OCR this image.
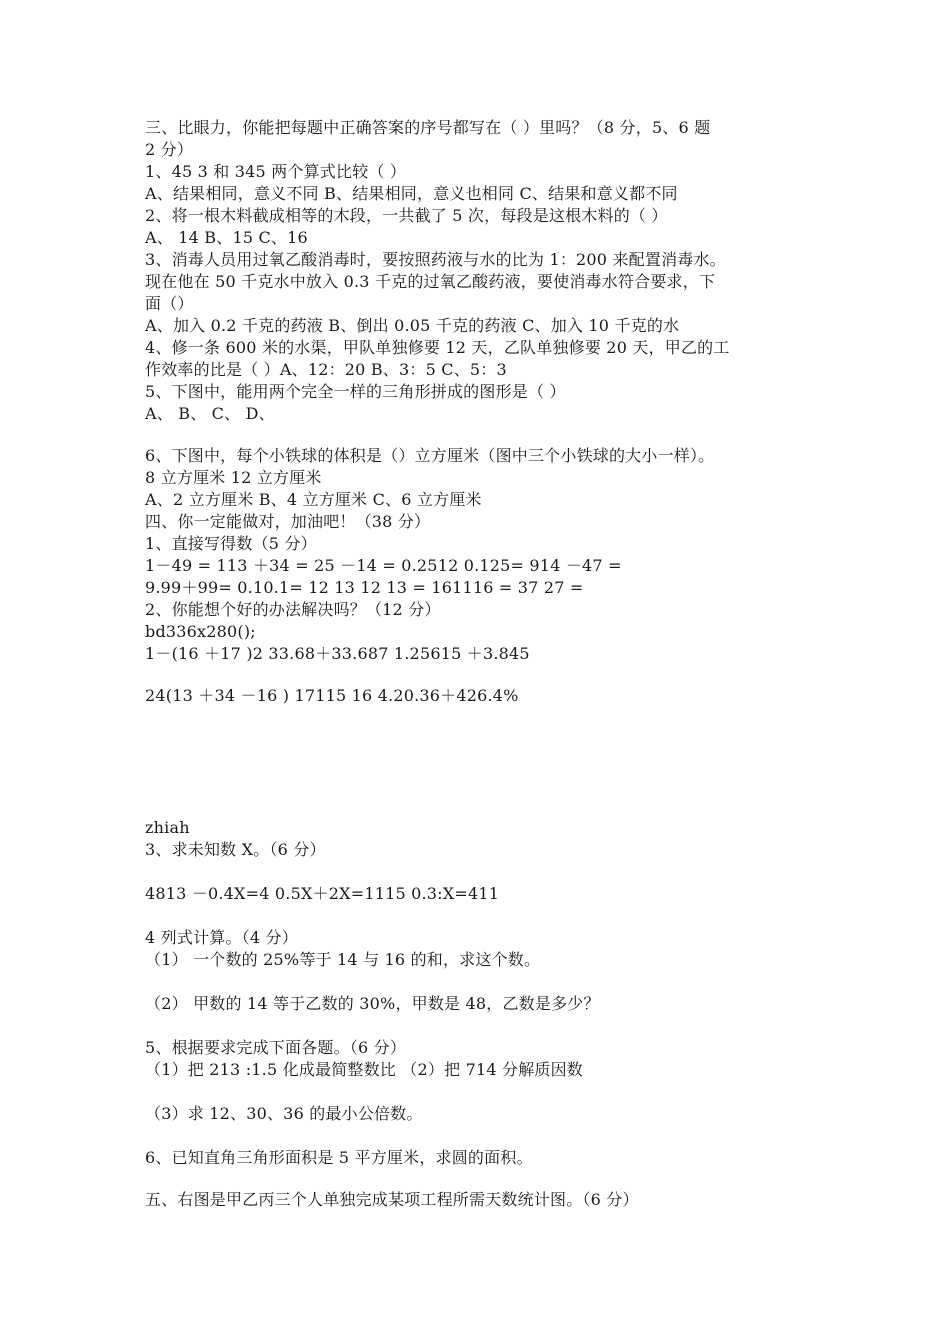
三、比眼力，你能把每题中正确答案的序号都写在（ ）里吗？（8 分，5、6 题

2 分）

1、45 3 和 345 两个算式比较（ ）

A、结果相同，意义不同 B、结果相同，意义也相同 C、结果和意义都不同

2、将一根木料截成相等的木段，一共截了 5 次，每段是这根木料的（ ）

A、 14 B、15 C、16

3、消毒人员用过氧乙酸消毒时，要按照药液与水的比为 1：200 来配置消毒水。

现在他在 50 千克水中放入 0.3 千克的过氧乙酸药液，要使消毒水符合要求，下

面（）

A、加入 0.2 千克的药液 B、倒出 0.05 千克的药液 C、加入 10 千克的水

4、修一条 600 米的水渠，甲队单独修要 12 天，乙队单独修要 20 天，甲乙的工

作效率的比是（ ）A、12：20 B、3：5 C、5：3

5、下图中，能用两个完全一样的三角形拼成的图形是（ ）

A、 B、 C、 D、

6、下图中，每个小铁球的体积是（）立方厘米（图中三个小铁球的大小一样）。

8 立方厘米 12 立方厘米

A、2 立方厘米 B、4 立方厘米 C、6 立方厘米

四、你一定能做对，加油吧！（38 分）

1、直接写得数（5 分）

1－49 = 113 ＋34 = 25 －14 = 0.2512 0.125= 914 －47 =

9.99＋99= 0.10.1= 12 13 12 13 = 161116 = 37 27 =

2、你能想个好的办法解决吗？（12 分）

bd336x280();

1－(16 ＋17 )2 33.68＋33.687 1.25615 ＋3.845

24(13 ＋34 －16 ) 17115 16 4.20.36＋426.4%

zhiah

3、求未知数 X。（6 分）

4813 －0.4X=4 0.5X＋2X=1115 0.3:X=411

4 列式计算。（4 分）

（1） 一个数的 25%等于 14 与 16 的和，求这个数。

（2） 甲数的 14 等于乙数的 30%，甲数是 48，乙数是多少？

5、根据要求完成下面各题。（6 分）

（1）把 213 :1.5 化成最简整数比 （2）把 714 分解质因数

（3）求 12、30、36 的最小公倍数。

6、已知直角三角形面积是 5 平方厘米，求圆的面积。

五、右图是甲乙丙三个人单独完成某项工程所需天数统计图。（6 分）
